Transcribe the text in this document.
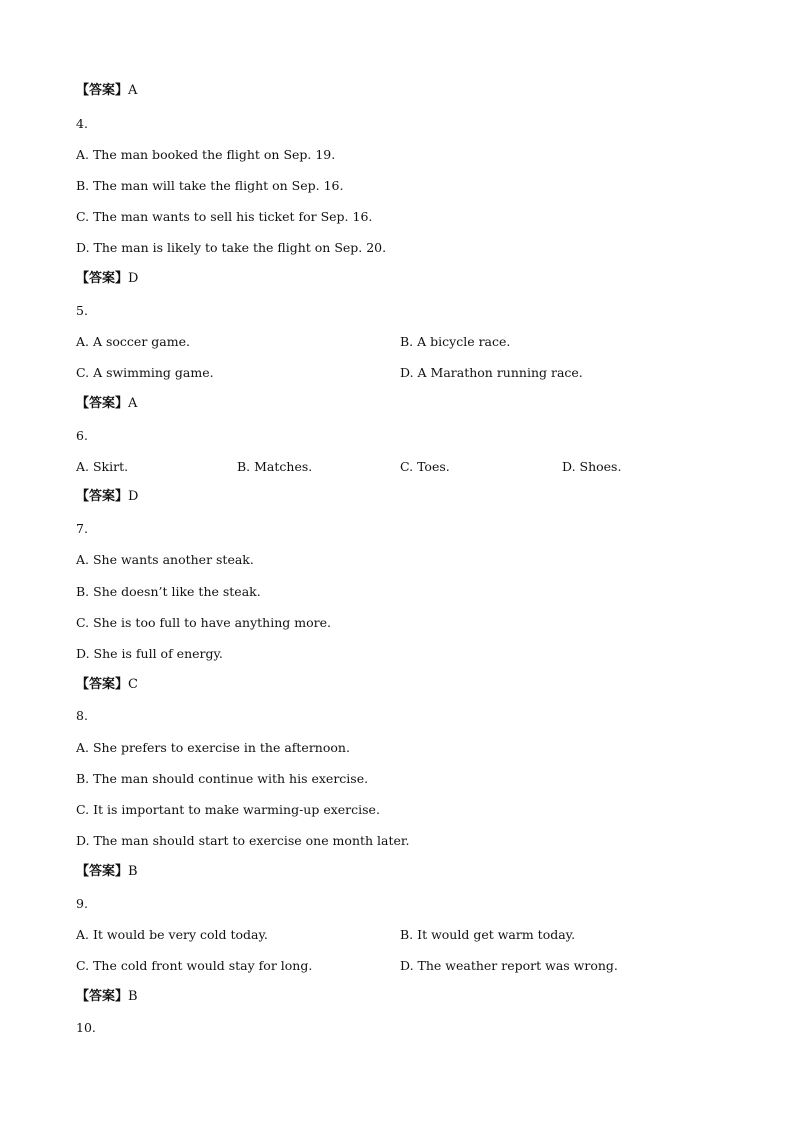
【答案】A
4.
A. The man booked the flight on Sep. 19.
B. The man will take the flight on Sep. 16.
C. The man wants to sell his ticket for Sep. 16.
D. The man is likely to take the flight on Sep. 20.
【答案】D
5.
A. A soccer game.	B. A bicycle race.
C. A swimming game.	D. A Marathon running race.
【答案】A
6.
A. Skirt.	B. Matches.	C. Toes.	D. Shoes.
【答案】D
7.
A. She wants another steak.
B. She doesn’t like the steak.
C. She is too full to have anything more.
D. She is full of energy.
【答案】C
8.
A. She prefers to exercise in the afternoon.
B. The man should continue with his exercise.
C. It is important to make warming-up exercise.
D. The man should start to exercise one month later.
【答案】B
9.
A. It would be very cold today.	B. It would get warm today.
C. The cold front would stay for long.	D. The weather report was wrong.
【答案】B
10.
